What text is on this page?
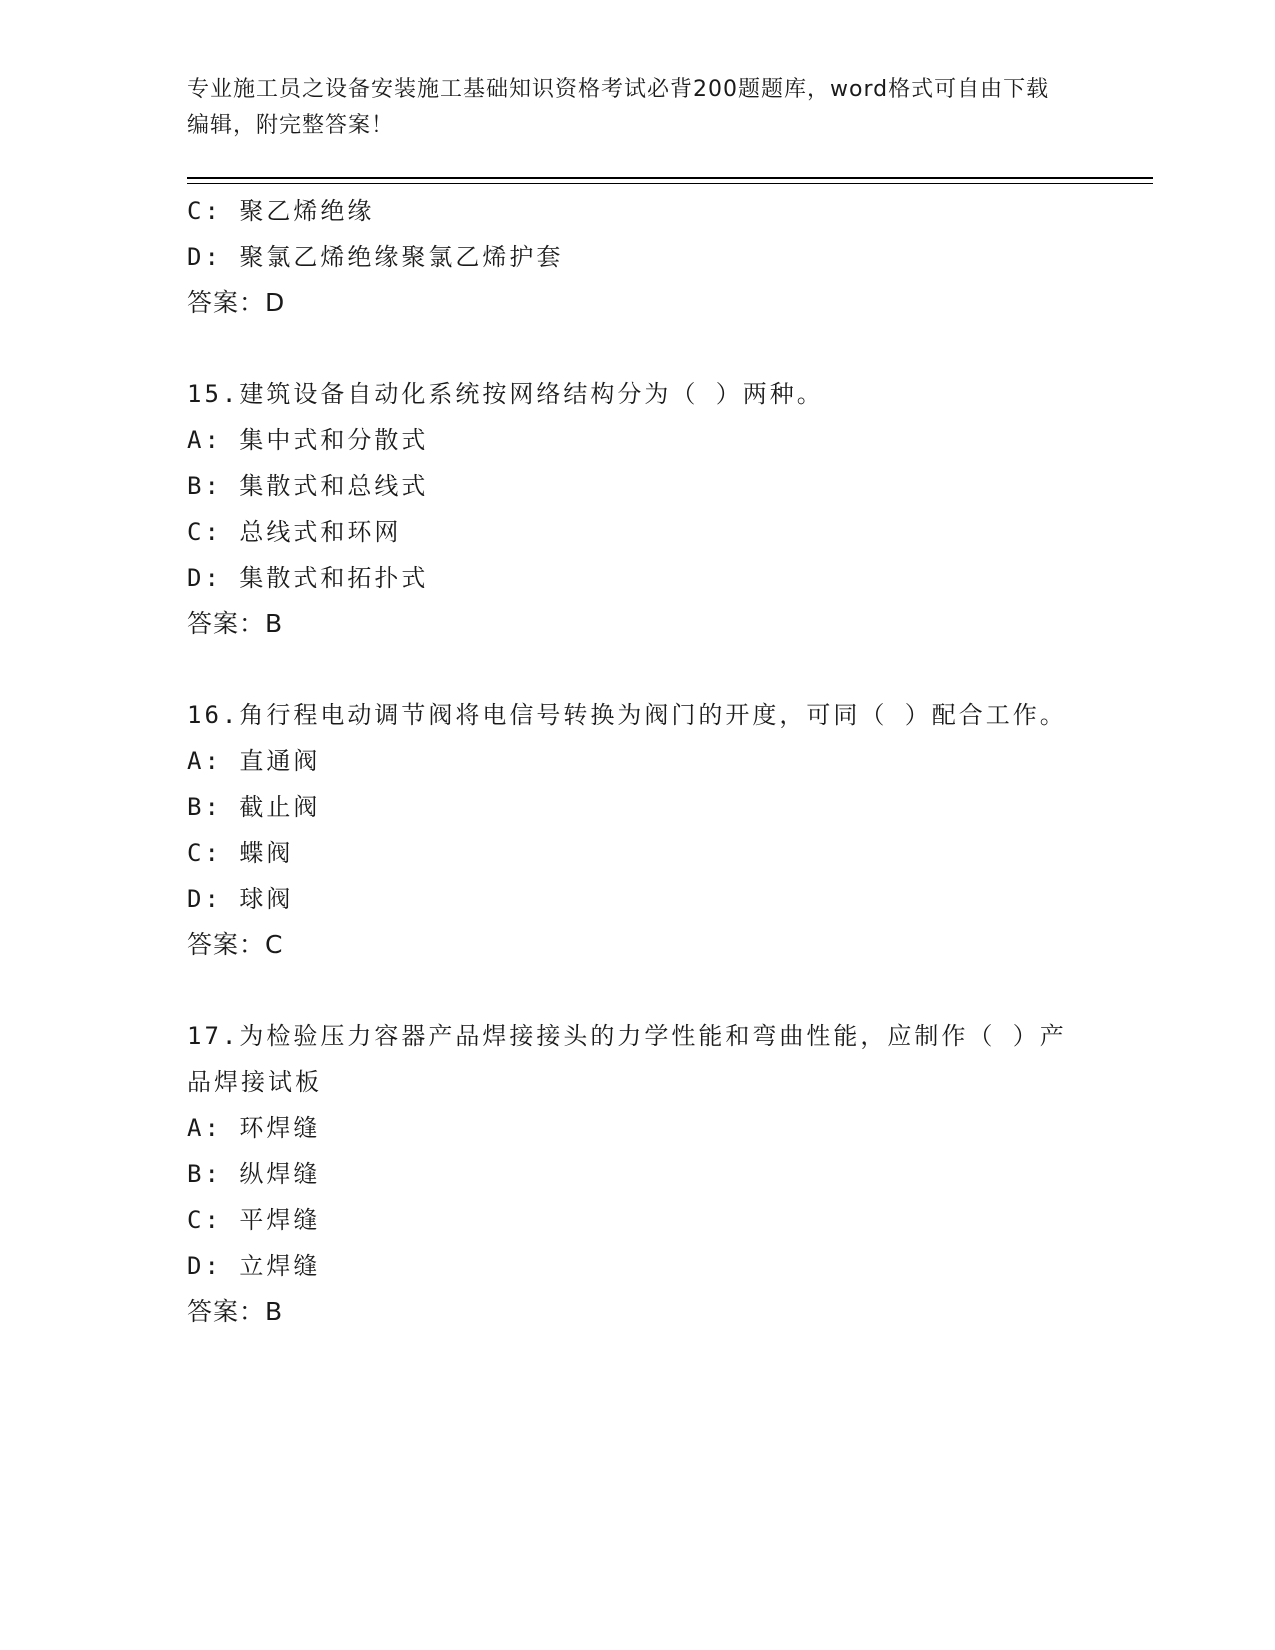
专业施工员之设备安装施工基础知识资格考试必背200题题库，word格式可自由下载编辑，附完整答案！
C: 聚乙烯绝缘
D: 聚氯乙烯绝缘聚氯乙烯护套
答案：D
15.建筑设备自动化系统按网络结构分为（ ）两种。
A: 集中式和分散式
B: 集散式和总线式
C: 总线式和环网
D: 集散式和拓扑式
答案：B
16.角行程电动调节阀将电信号转换为阀门的开度，可同（ ）配合工作。
A: 直通阀
B: 截止阀
C: 蝶阀
D: 球阀
答案：C
17.为检验压力容器产品焊接接头的力学性能和弯曲性能，应制作（ ）产品焊接试板
A: 环焊缝
B: 纵焊缝
C: 平焊缝
D: 立焊缝
答案：B
